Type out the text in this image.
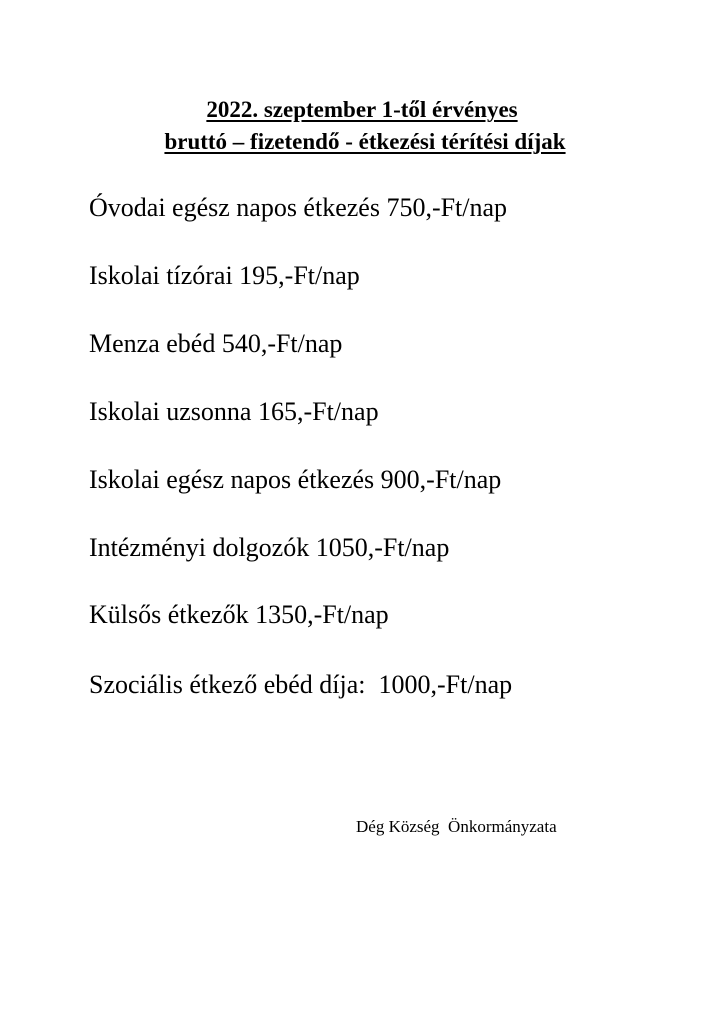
2022. szeptember 1-től érvényes
bruttó – fizetendő - étkezési térítési díjak
Óvodai egész napos étkezés 750,-Ft/nap
Iskolai tízórai 195,-Ft/nap
Menza ebéd 540,-Ft/nap
Iskolai uzsonna 165,-Ft/nap
Iskolai egész napos étkezés 900,-Ft/nap
Intézményi dolgozók 1050,-Ft/nap
Külsős étkezők 1350,-Ft/nap
Szociális étkező ebéd díja:  1000,-Ft/nap
Dég Község  Önkormányzata
